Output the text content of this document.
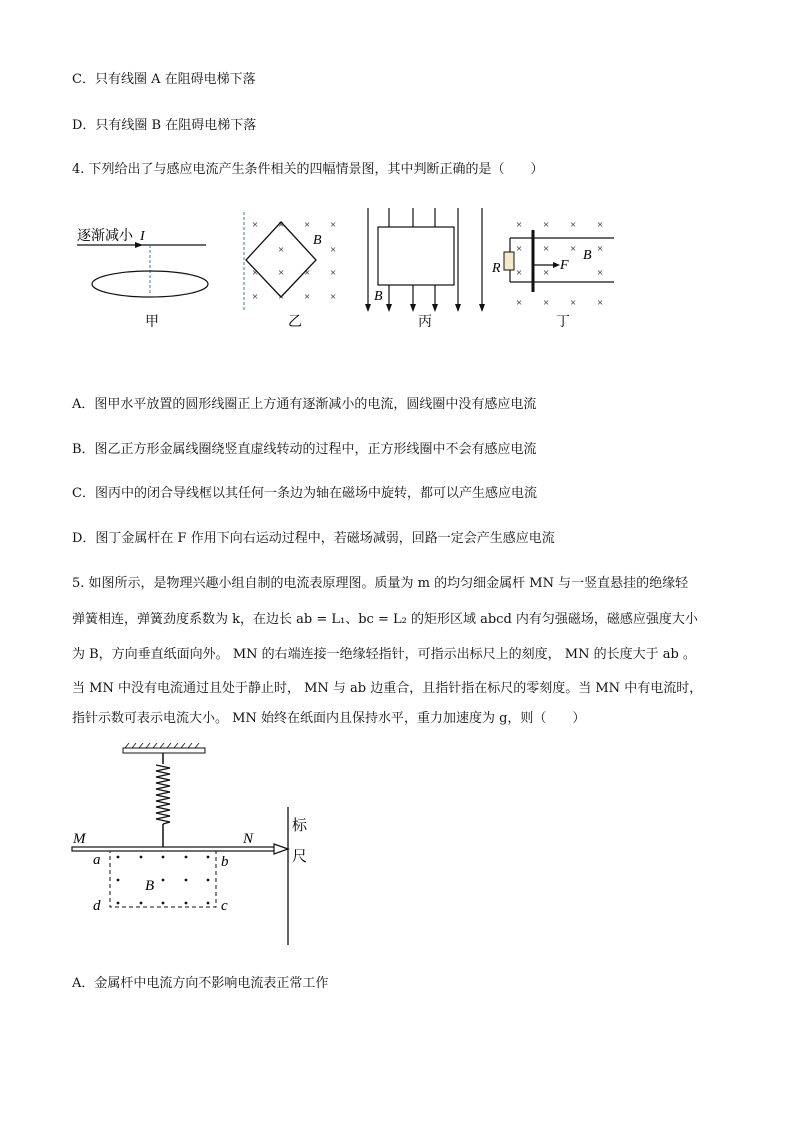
C．只有线圈 A 在阻碍电梯下落
D．只有线圈 B 在阻碍电梯下落
4. 下列给出了与感应电流产生条件相关的四幅情景图，其中判断正确的是（　　）
逐渐减小 I
× × × ×
×	×
× × × ×
× × × ×
B
B
× × × ×
× × × ×
× ×	×
× × × ×
R	F
B
甲	乙	丙	丁
A．图甲水平放置的圆形线圈正上方通有逐渐减小的电流，圆线圈中没有感应电流
B．图乙正方形金属线圈绕竖直虚线转动的过程中，正方形线圈中不会有感应电流
C．图丙中的闭合导线框以其任何一条边为轴在磁场中旋转，都可以产生感应电流
D．图丁金属杆在 F 作用下向右运动过程中，若磁场减弱，回路一定会产生感应电流
5. 如图所示，是物理兴趣小组自制的电流表原理图。质量为 m 的均匀细金属杆 MN 与一竖直悬挂的绝缘轻
弹簧相连，弹簧劲度系数为 k，在边长 ab = L₁、bc = L₂ 的矩形区域 abcd 内有匀强磁场，磁感应强度大小
为 B，方向垂直纸面向外。 MN 的右端连接一绝缘轻指针，可指示出标尺上的刻度， MN 的长度大于 ab 。
当 MN 中没有电流通过且处于静止时， MN 与 ab 边重合，且指针指在标尺的零刻度。当 MN 中有电流时，
指针示数可表示电流大小。 MN 始终在纸面内且保持水平，重力加速度为 g，则（　　）
标
尺
M	N
a	b
d	c
B
A．金属杆中电流方向不影响电流表正常工作
